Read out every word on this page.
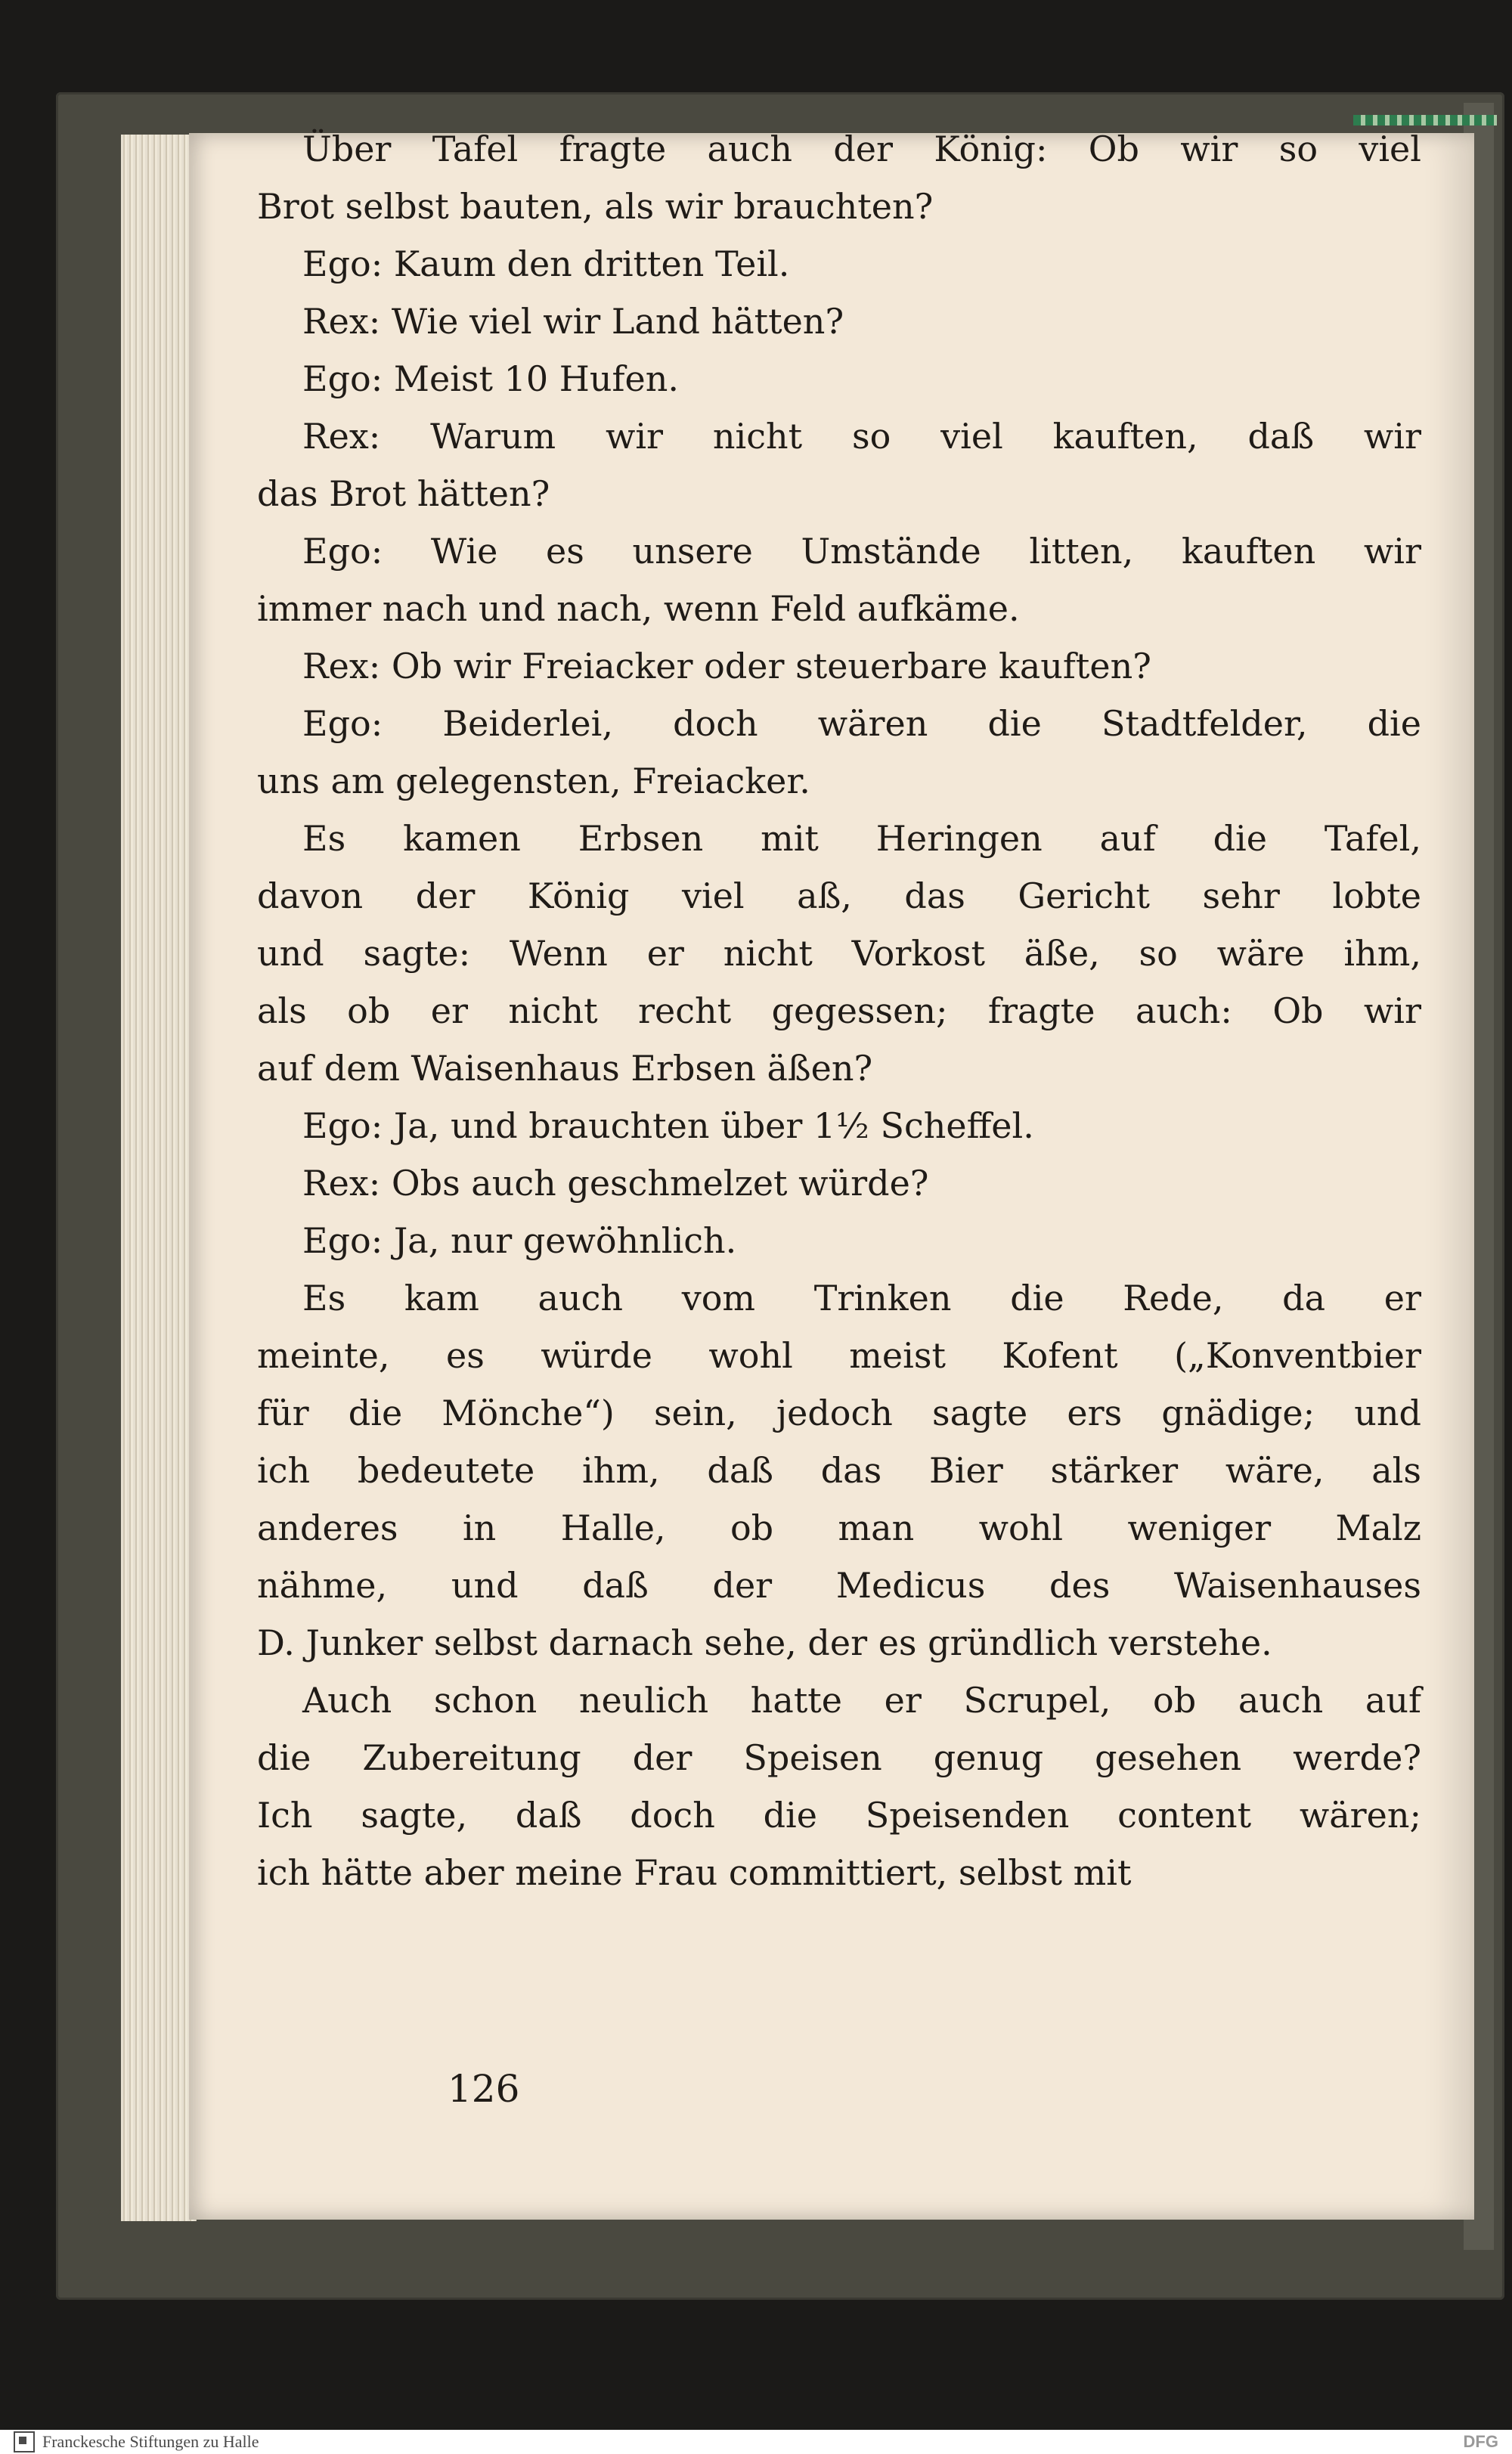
Über Tafel fragte auch der König: Ob wir so viel
Brot selbst bauten, als wir brauchten?
Ego: Kaum den dritten Teil.
Rex: Wie viel wir Land hätten?
Ego: Meist 10 Hufen.
Rex: Warum wir nicht so viel kauften, daß wir
das Brot hätten?
Ego: Wie es unsere Umstände litten, kauften wir
immer nach und nach, wenn Feld aufkäme.
Rex: Ob wir Freiacker oder steuerbare kauften?
Ego: Beiderlei, doch wären die Stadtfelder, die
uns am gelegensten, Freiacker.
Es kamen Erbsen mit Heringen auf die Tafel,
davon der König viel aß, das Gericht sehr lobte
und sagte: Wenn er nicht Vorkost äße, so wäre ihm,
als ob er nicht recht gegessen; fragte auch: Ob wir
auf dem Waisenhaus Erbsen äßen?
Ego: Ja, und brauchten über 1½ Scheffel.
Rex: Obs auch geschmelzet würde?
Ego: Ja, nur gewöhnlich.
Es kam auch vom Trinken die Rede, da er
meinte, es würde wohl meist Kofent („Konventbier
für die Mönche“) sein, jedoch sagte ers gnädige; und
ich bedeutete ihm, daß das Bier stärker wäre, als
anderes in Halle, ob man wohl weniger Malz
nähme, und daß der Medicus des Waisenhauses
D. Junker selbst darnach sehe, der es gründlich verstehe.
Auch schon neulich hatte er Scrupel, ob auch auf
die Zubereitung der Speisen genug gesehen werde?
Ich sagte, daß doch die Speisenden content wären;
ich hätte aber meine Frau committiert, selbst mit
126
Franckesche Stiftungen zu Halle	DFG
